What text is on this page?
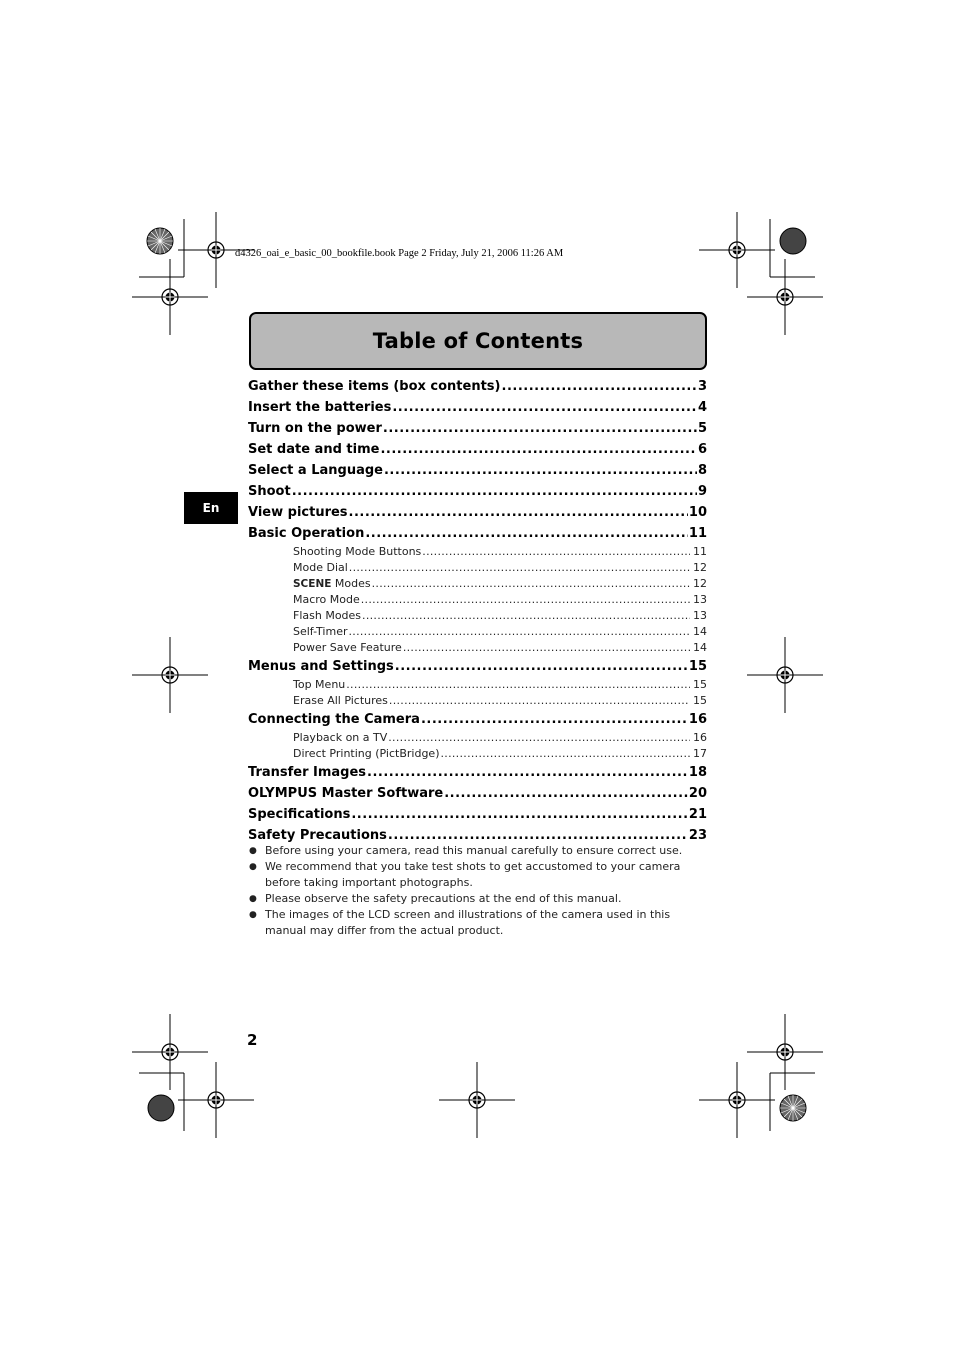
d4326_oai_e_basic_00_bookfile.book Page 2 Friday, July 21, 2006 11:26 AM
Table of Contents
En
Gather these items (box contents) .....	3
Insert the batteries .....	4
Turn on the power .....	5
Set date and time .....	6
Select a Language .....	8
Shoot .....	9
View pictures .....	10
Basic Operation .....	11
Shooting Mode Buttons .....	11
Mode Dial .....	12
SCENE Modes .....	12
Macro Mode .....	13
Flash Modes .....	13
Self-Timer .....	14
Power Save Feature .....	14
Menus and Settings .....	15
Top Menu .....	15
Erase All Pictures .....	15
Connecting the Camera .....	16
Playback on a TV .....	16
Direct Printing (PictBridge) .....	17
Transfer Images .....	18
OLYMPUS Master Software .....	20
Specifications .....	21
Safety Precautions .....	23
● Before using your camera, read this manual carefully to ensure correct use.
● We recommend that you take test shots to get accustomed to your camera before taking important photographs.
● Please observe the safety precautions at the end of this manual.
● The images of the LCD screen and illustrations of the camera used in this manual may differ from the actual product.
2
